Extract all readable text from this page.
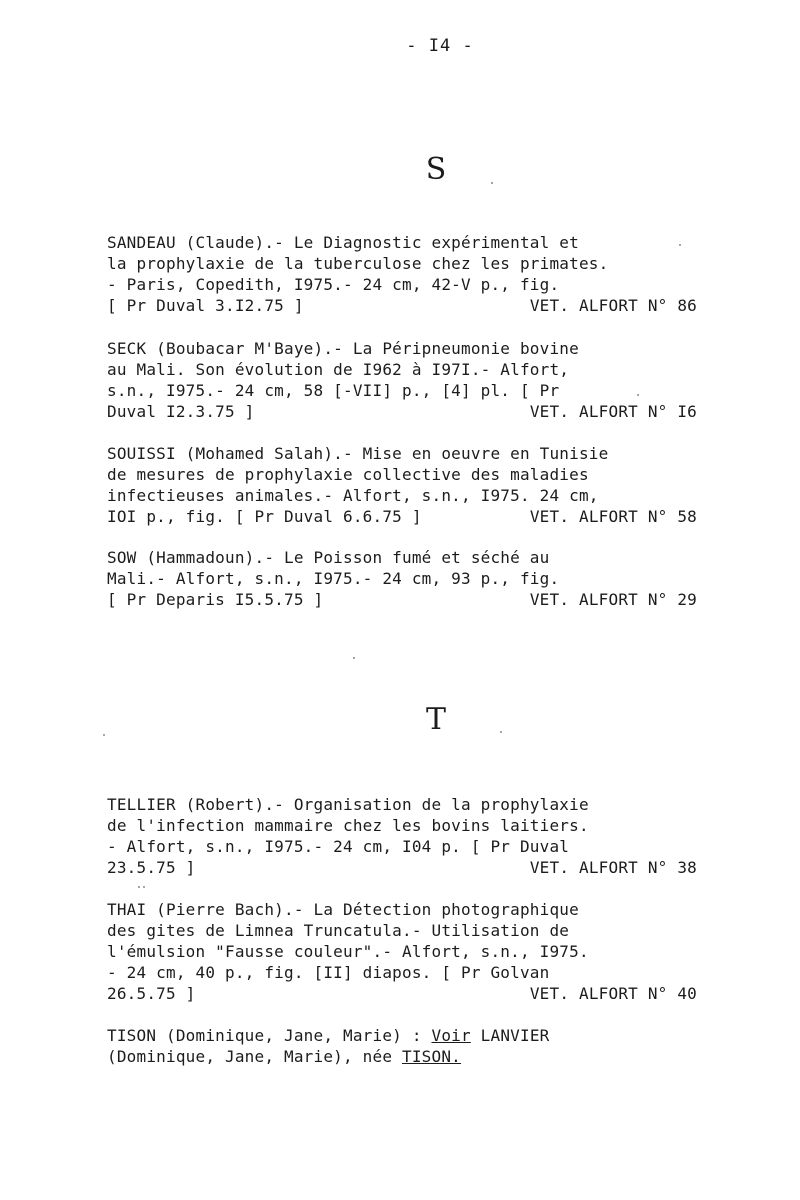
- I4 -
S
SANDEAU (Claude).- Le Diagnostic expérimental et
la prophylaxie de la tuberculose chez les primates.
- Paris, Copedith, I975.- 24 cm, 42-V p., fig.

[ Pr Duval 3.I2.75 ]

	VET. ALFORT N° 86

SECK (Boubacar M'Baye).- La Péripneumonie bovine
au Mali. Son évolution de I962 à I97I.- Alfort,
s.n., I975.- 24 cm, 58 [-VII] p., [4] pl. [ Pr

Duval I2.3.75 ]

	VET. ALFORT N° I6

SOUISSI (Mohamed Salah).- Mise en oeuvre en Tunisie
de mesures de prophylaxie collective des maladies
infectieuses animales.- Alfort, s.n., I975. 24 cm,

IOI p., fig. [ Pr Duval 6.6.75 ]

	VET. ALFORT N° 58

SOW (Hammadoun).- Le Poisson fumé et séché au
Mali.- Alfort, s.n., I975.- 24 cm, 93 p., fig.

[ Pr Deparis I5.5.75 ]

	VET. ALFORT N° 29

T
TELLIER (Robert).- Organisation de la prophylaxie
de l'infection mammaire chez les bovins laitiers.
- Alfort, s.n., I975.- 24 cm, I04 p. [ Pr Duval

23.5.75 ]

	VET. ALFORT N° 38

THAI (Pierre Bach).- La Détection photographique
des gites de Limnea Truncatula.- Utilisation de
l'émulsion "Fausse couleur".- Alfort, s.n., I975.
- 24 cm, 40 p., fig. [II] diapos. [ Pr Golvan

26.5.75 ]

	VET. ALFORT N° 40

TISON (Dominique, Jane, Marie) : Voir LANVIER
(Dominique, Jane, Marie), née TISON.
